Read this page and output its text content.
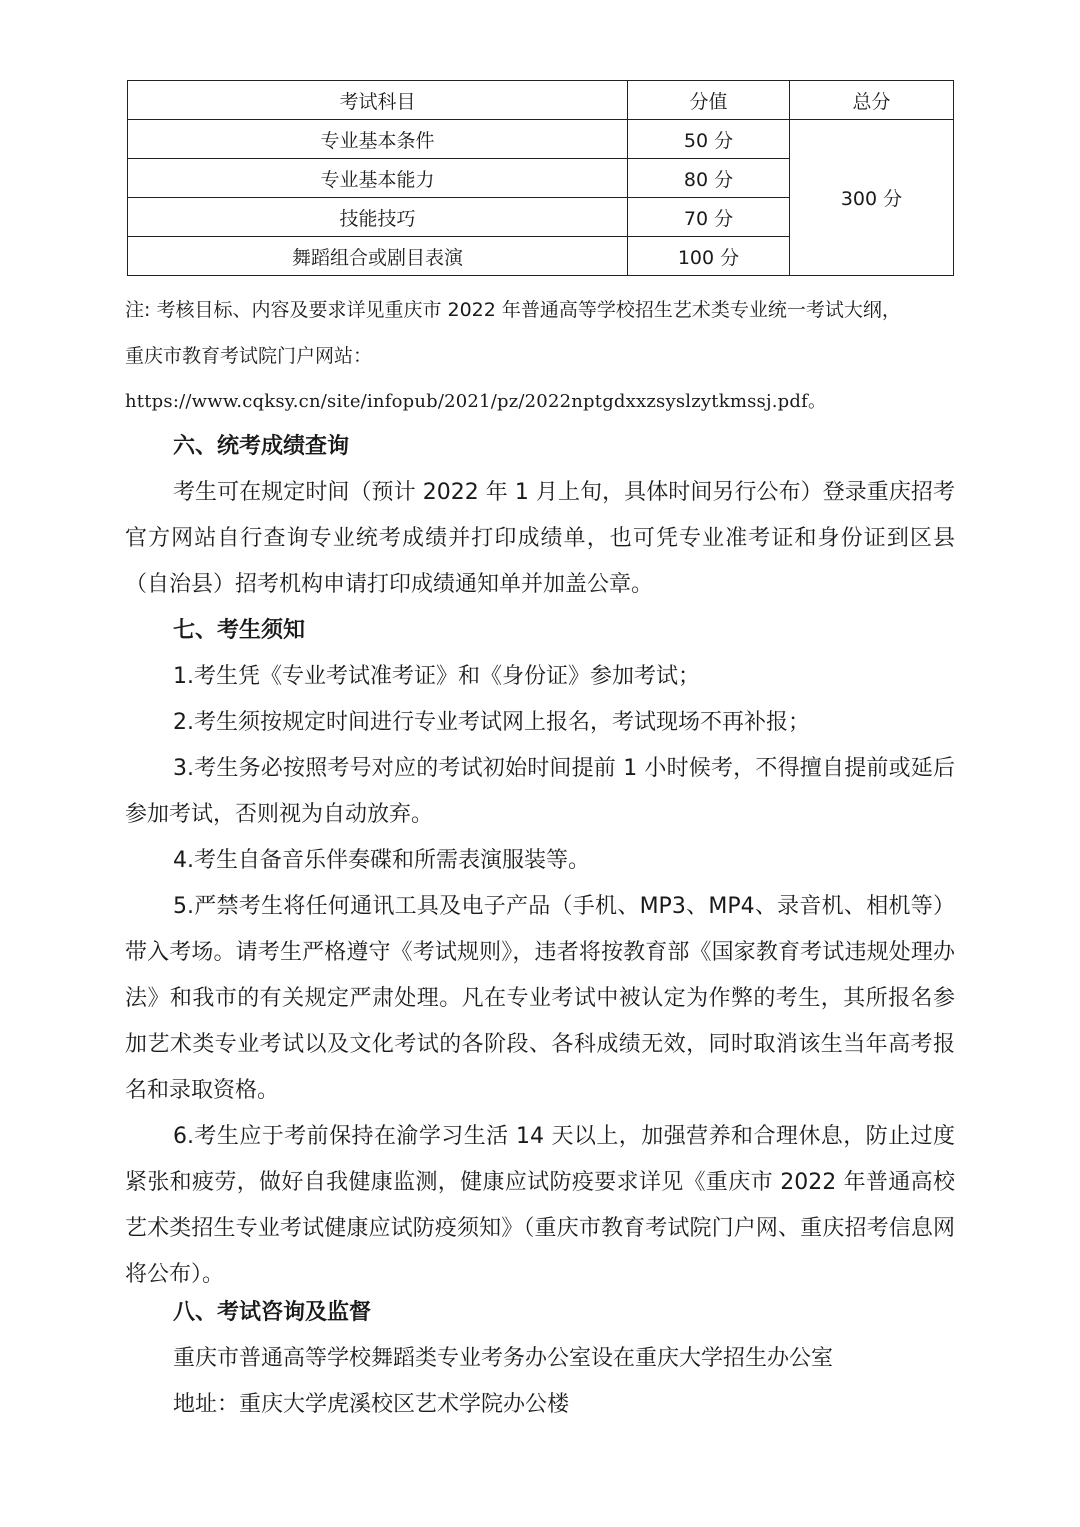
考试科目	分值	总分
专业基本条件	50 分	300 分
专业基本能力	80 分	
技能技巧	70 分	
舞蹈组合或剧目表演	100 分	
注: 考核目标、内容及要求详见重庆市 2022 年普通高等学校招生艺术类专业统一考试大纲，
重庆市教育考试院门户网站：
https://www.cqksy.cn/site/infopub/2021/pz/2022nptgdxxzsyslzytkmssj.pdf。
六、统考成绩查询
考生可在规定时间（预计 2022 年 1 月上旬，具体时间另行公布）登录重庆招考官方网站自行查询专业统考成绩并打印成绩单，也可凭专业准考证和身份证到区县（自治县）招考机构申请打印成绩通知单并加盖公章。
七、考生须知
1.考生凭《专业考试准考证》和《身份证》参加考试；
2.考生须按规定时间进行专业考试网上报名，考试现场不再补报；
3.考生务必按照考号对应的考试初始时间提前 1 小时候考，不得擅自提前或延后参加考试，否则视为自动放弃。
4.考生自备音乐伴奏碟和所需表演服装等。
5.严禁考生将任何通讯工具及电子产品（手机、MP3、MP4、录音机、相机等）带入考场。请考生严格遵守《考试规则》，违者将按教育部《国家教育考试违规处理办法》和我市的有关规定严肃处理。凡在专业考试中被认定为作弊的考生，其所报名参加艺术类专业考试以及文化考试的各阶段、各科成绩无效，同时取消该生当年高考报名和录取资格。
6.考生应于考前保持在渝学习生活 14 天以上，加强营养和合理休息，防止过度紧张和疲劳，做好自我健康监测，健康应试防疫要求详见《重庆市 2022 年普通高校艺术类招生专业考试健康应试防疫须知》（重庆市教育考试院门户网、重庆招考信息网将公布）。
八、考试咨询及监督
重庆市普通高等学校舞蹈类专业考务办公室设在重庆大学招生办公室
地址：重庆大学虎溪校区艺术学院办公楼
